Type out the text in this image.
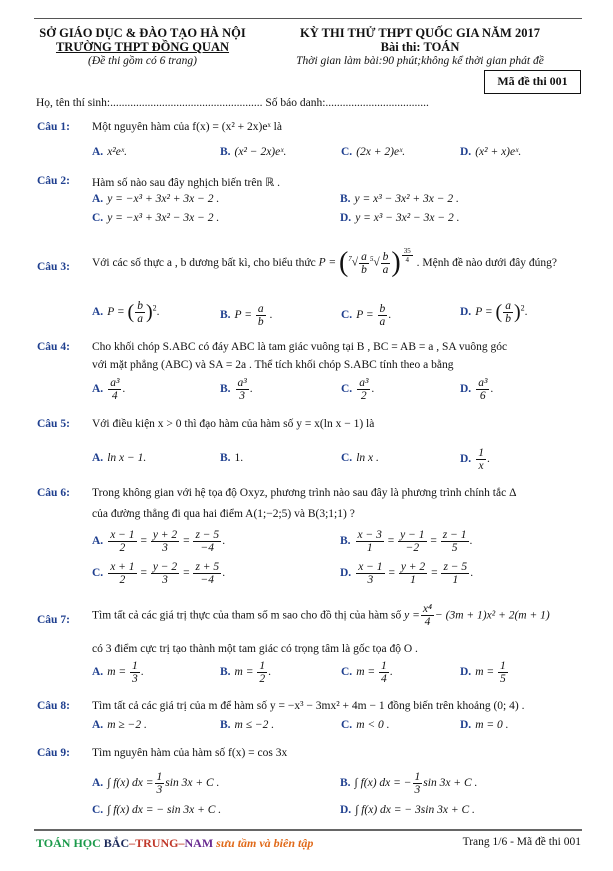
SỞ GIÁO DỤC & ĐÀO TẠO HÀ NỘI
TRƯỜNG THPT ĐỒNG QUAN
(Đề thi gồm có 6 trang)
KỲ THI THỬ THPT QUỐC GIA NĂM 2017
Bài thi: TOÁN
Thời gian làm bài:90 phút;không kể thời gian phát đề
Mã đề thi 001
Họ, tên thí sinh:..................................................... Số báo danh:....................................
Câu 1: Một nguyên hàm của f(x) = (x² + 2x)eˣ là
A. x²eˣ.	B. (x² − 2x)eˣ.	C. (2x + 2)eˣ.	D. (x² + x)eˣ.
Câu 2: Hàm số nào sau đây nghịch biến trên ℝ .
A. y = −x³ + 3x² + 3x − 2 .	B. y = x³ − 3x² + 3x − 2 .
C. y = −x³ + 3x² − 3x − 2 .	D. y = x³ − 3x² − 3x − 2 .
Câu 3: Với các số thực a , b dương bất kì, cho biểu thức $P = (^7√ \frac{a}{b} ^5√ \frac{b}{a}$ ) $\frac{35}{4}$ . Mệnh đề nào dưới đây đúng?
A. P = ( $\frac{b}{a} )^2$.	B. $P = \frac{a}{b}$ .	C. $P = \frac{b}{a}$ .	D. P = ( $\frac{a}{b} )^2$.
Câu 4: Cho khối chóp S.ABC có đáy ABC là tam giác vuông tại B , BC = AB = a , SA vuông góc
với mặt phẳng (ABC) và SA = 2a . Thể tích khối chóp S.ABC tính theo a bằng
A. $\frac{\text{a³}}{4}$ .	B. $\frac{\text{a³}}{3}$ .	C. $\frac{\text{a³}}{2}$ .	D. $\frac{\text{a³}}{6}$ .
Câu 5: Với điều kiện x > 0 thì đạo hàm của hàm số y = x(ln x − 1) là
A. ln x − 1.	B. 1.	C. ln x .	D. $\frac{1}{x}$ .
Câu 6: Trong không gian với hệ tọa độ Oxyz, phương trình nào sau đây là phương trình chính tắc Δ
của đường thẳng đi qua hai điểm A(1;−2;5) và B(3;1;1) ?
A. $\frac{x - 1}{2} = \frac{y + 2}{3} = \frac{z - 5}{-4}$ .	B. $\frac{x - 3}{1} = \frac{y - 1}{-2} = \frac{z - 1}{5}$ .
C. $\frac{x + 1}{2} = \frac{y - 2}{3} = \frac{z + 5}{-4}$ .	D. $\frac{x - 1}{3} = \frac{y + 2}{1} = \frac{z - 5}{1}$ .
Câu 7: Tìm tất cả các giá trị thực của tham số m sao cho đồ thị của hàm số $y = \frac{\text{x⁴}}{4} - (3m + 1)x^2 + 2(m + 1)$
có 3 điểm cực trị tạo thành một tam giác có trọng tâm là gốc tọa độ O .
A. $m = \frac{1}{3}$ .	B. $m = \frac{1}{2}$ .	C. $m = \frac{1}{4}$ .	D. $m = \frac{1}{5}$
Câu 8: Tìm tất cả các giá trị của m để hàm số y = −x³ − 3mx² + 4m − 1 đồng biến trên khoảng (0; 4) .
A. m ≥ −2 .	B. m ≤ −2 .	C. m < 0 .	D. m = 0 .
Câu 9: Tìm nguyên hàm của hàm số f(x) = cos 3x
A. ∫ f(x) dx = $\frac{1}{3}$ sin 3x + C .	B. ∫ f(x) dx = − $\frac{1}{3}$ sin 3x + C .
C. ∫ f(x) dx = − sin 3x + C .	D. ∫ f(x) dx = − 3sin 3x + C .
TOÁN HỌC BẮC–TRUNG–NAM sưu tầm và biên tập	Trang 1/6 - Mã đề thi 001
